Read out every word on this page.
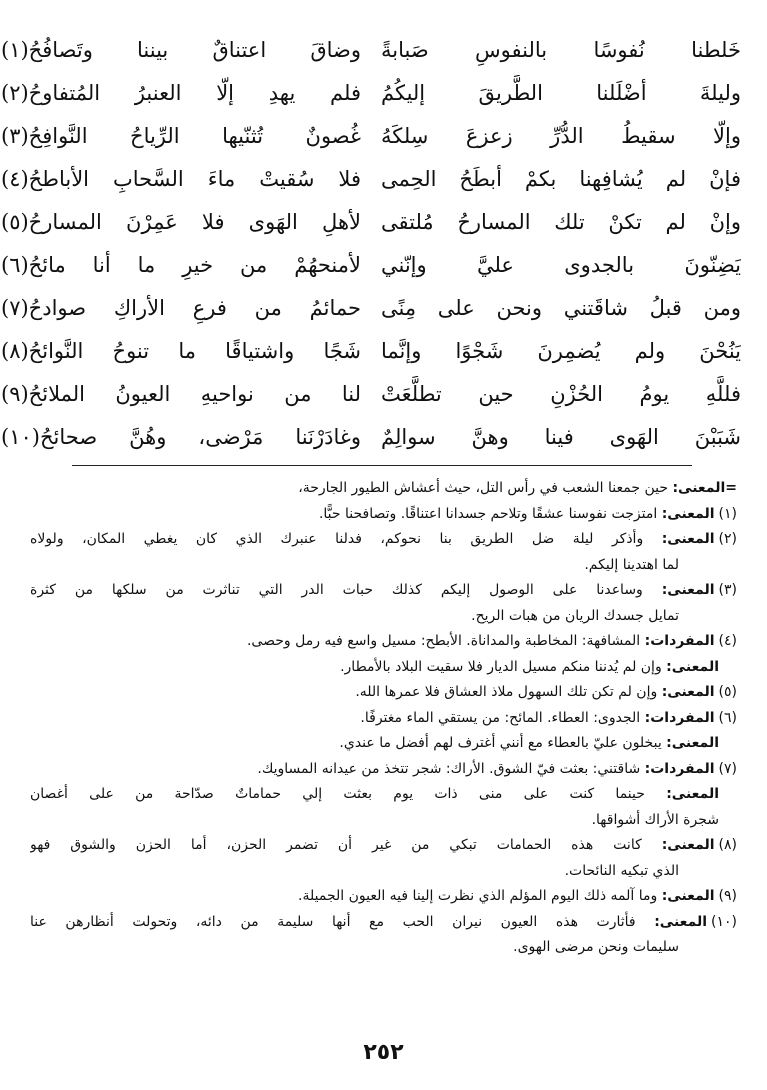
خَلطنا نُفوسًا بالنفوسِ صَبابةً
وضاقَ اعتناقٌ بيننا وتَصافُحُ(١)
وليلةَ أضْلَلنا الطَّريقَ إليكُمُ
فلم يهدِ إلّا العنبرُ المُتفاوحُ(٢)
وإلّا سقيطُ الدُّرِّ زعزعَ سِلكَهُ
غُصونٌ تُثنّيها الرِّياحُ النَّوافِحُ(٣)
فإنْ لم يُشافِهنا بكمْ أبطَحُ الحِمى
فلا سُقيتْ ماءَ السَّحابِ الأباطحُ(٤)
وإنْ لم تكنْ تلك المسارحُ مُلتقى
لأهلِ الهَوى فلا عَمِرْنَ المسارحُ(٥)
يَضِنّونَ بالجدوى عليَّ وإنّني
لأمنحهُمْ من خيرِ ما أنا مائحُ(٦)
ومن قبلُ شاقَتني ونحن على مِنًى
حمائمُ من فرعِ الأراكِ صوادحُ(٧)
يَنُحْنَ ولم يُضمِرنَ شَجْوًا وإنَّما
شَجًا واشتياقًا ما تنوحُ النَّوائحُ(٨)
فللَّهِ يومُ الحُزْنِ حين تطلَّعَتْ
لنا من نواحيهِ العيونُ الملائحُ(٩)
شَبَبْنَ الهَوى فينا وهنَّ سوالِمٌ
وغادَرْنَنا مَرْضى، وهُنَّ صحائحُ(١٠)
=المعنى: حين جمعنا الشعب في رأس التل، حيث أعشاش الطيور الجارحة،
(١)المعنى: امتزجت نفوسنا عشقًا وتلاحم جسدانا اعتناقًا. وتصافحنا حبًّا.
(٢)المعنى: وأذكر ليلة ضل الطريق بنا نحوكم، فدلنا عنبرك الذي كان يغطي المكان، ولولاه
لما اهتدينا إليكم.
(٣)المعنى: وساعدنا على الوصول إليكم كذلك حبات الدر التي تناثرت من سلكها من كثرة
تمايل جسدك الريان من هبات الريح.
(٤)المفردات: المشافهة: المخاطبة والمداناة. الأبطح: مسيل واسع فيه رمل وحصى.
المعنى: وإن لم يُدننا منكم مسيل الديار فلا سقيت البلاد بالأمطار.
(٥)المعنى: وإن لم تكن تلك السهول ملاذ العشاق فلا عمرها الله.
(٦)المفردات: الجدوى: العطاء. المائح: من يستقي الماء مغترفًا.
المعنى: يبخلون عليّ بالعطاء مع أنني أغترف لهم أفضل ما عندي.
(٧)المفردات: شاقتني: بعثت فيّ الشوق. الأراك: شجر تتخذ من عيدانه المساويك.
المعنى: حينما كنت على منى ذات يوم بعثت إلي حماماتٌ صدّاحة من على أغصان
شجرة الأراك أشواقها.
(٨)المعنى: كانت هذه الحمامات تبكي من غير أن تضمر الحزن، أما الحزن والشوق فهو
الذي تبكيه النائحات.
(٩)المعنى: وما آلمه ذلك اليوم المؤلم الذي نظرت إلينا فيه العيون الجميلة.
(١٠)المعنى: فأثارت هذه العيون نيران الحب مع أنها سليمة من دائه، وتحولت أنظارهن عنا
سليمات ونحن مرضى الهوى.
٢٥٢
